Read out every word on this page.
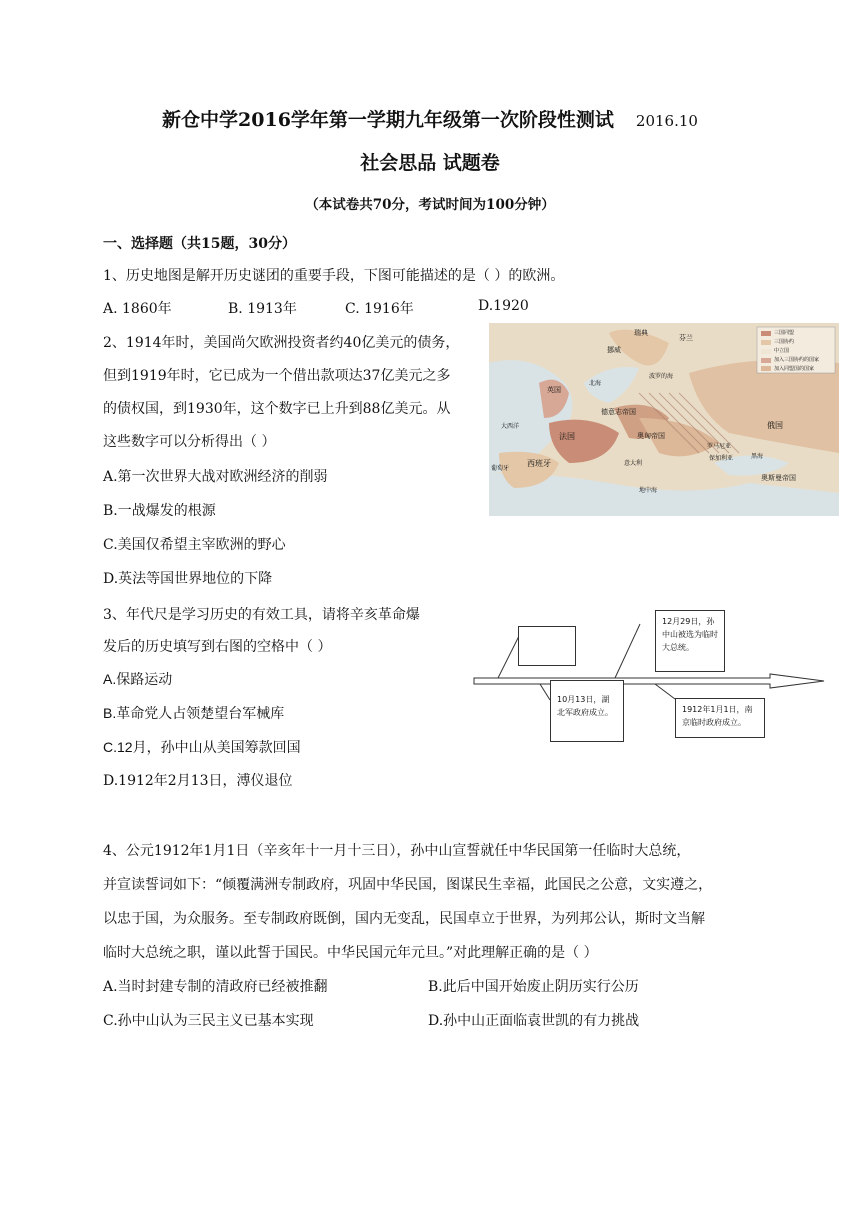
新仓中学2016学年第一学期九年级第一次阶段性测试 2016.10
社会思品 试题卷
（本试卷共70分，考试时间为100分钟）
一、选择题（共15题，30分）
1、历史地图是解开历史谜团的重要手段，下图可能描述的是（ ）的欧洲。
A. 1860年	B. 1913年	C. 1916年	D.1920
2、1914年时，美国尚欠欧洲投资者约40亿美元的债务，
但到1919年时，它已成为一个借出款项达37亿美元之多
的债权国，到1930年，这个数字已上升到88亿美元。从
这些数字可以分析得出（ ）
A.第一次世界大战对欧洲经济的削弱
B.一战爆发的根源
C.美国仅希望主宰欧洲的野心
D.英法等国世界地位的下降
三国同盟
三国协约
中立国
加入三国协约的国家
加入同盟国的国家
瑞典
挪威
芬兰
北海
英国
波罗的海
德意志帝国
大西洋
法国	奥匈帝国
俄国
意大利
罗马尼亚
西班牙
保加利亚	黑海
地中海
奥斯曼帝国
葡萄牙
3、年代尺是学习历史的有效工具，请将辛亥革命爆
发后的历史填写到右图的空格中（ ）
A.保路运动
B.革命党人占领楚望台军械库
C.12月，孙中山从美国筹款回国
D.1912年2月13日，溥仪退位
10月13日，湖北军政府成立。
12月29日，孙中山被选为临时大总统。
1912年1月1日，南京临时政府成立。
4、公元1912年1月1日（辛亥年十一月十三日），孙中山宣誓就任中华民国第一任临时大总统，
并宣读誓词如下：“倾覆满洲专制政府，巩固中华民国，图谋民生幸福，此国民之公意，文实遵之，
以忠于国，为众服务。至专制政府既倒，国内无变乱，民国卓立于世界，为列邦公认，斯时文当解
临时大总统之职，谨以此誓于国民。中华民国元年元旦。”对此理解正确的是（ ）
A.当时封建专制的清政府已经被推翻	B.此后中国开始废止阴历实行公历
C.孙中山认为三民主义已基本实现	D.孙中山正面临袁世凯的有力挑战
